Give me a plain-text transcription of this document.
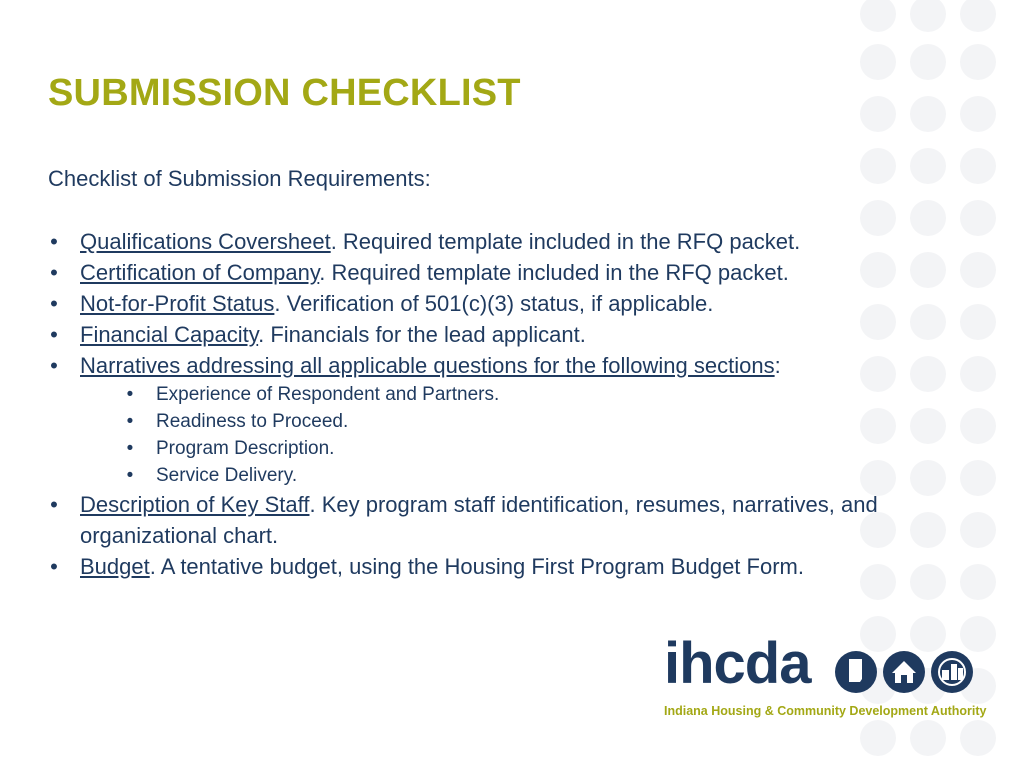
SUBMISSION CHECKLIST

Checklist of Submission Requirements:

• Qualifications Coversheet. Required template included in the RFQ packet.
• Certification of Company. Required template included in the RFQ packet.
• Not-for-Profit Status. Verification of 501(c)(3) status, if applicable.
• Financial Capacity. Financials for the lead applicant.
• Narratives addressing all applicable questions for the following sections:
•	Experience of Respondent and Partners.
•	Readiness to Proceed.
•	Program Description.
•	Service Delivery.
• Description of Key Staff. Key program staff identification, resumes, narratives, and organizational chart.
• Budget. A tentative budget, using the Housing First Program Budget Form.
ihcda
Indiana Housing & Community Development Authority
